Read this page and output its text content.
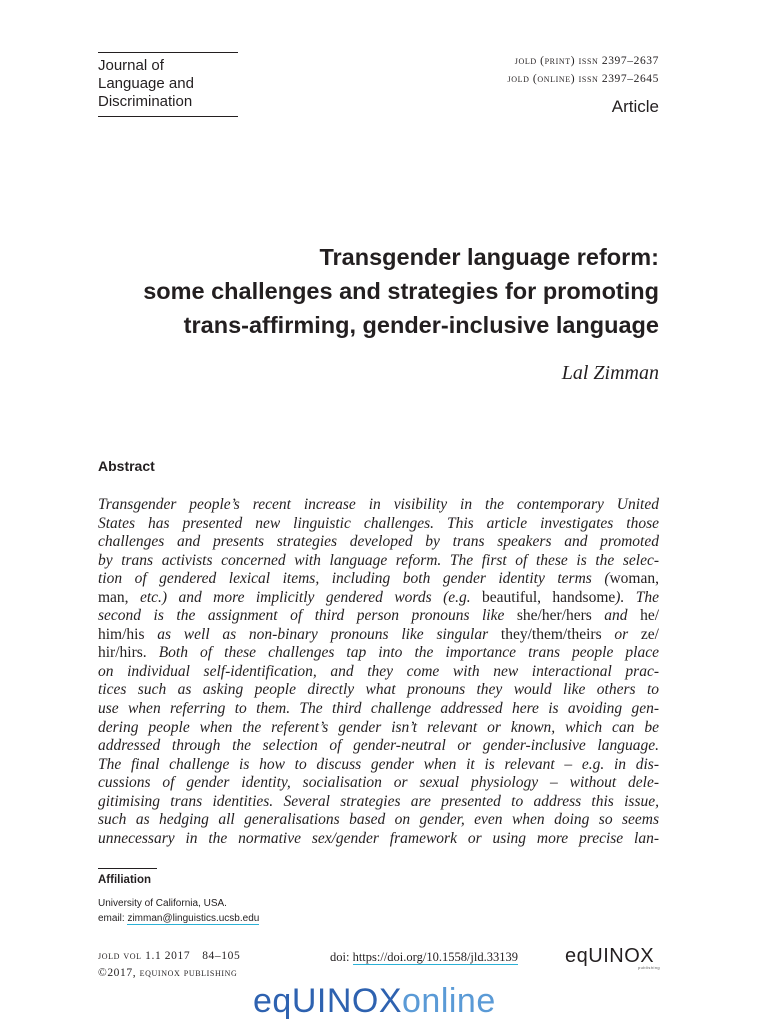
Journal of
Language and
Discrimination
jold (print) issn 2397–2637
jold (online) issn 2397–2645
Article
Transgender language reform:
some challenges and strategies for promoting
trans-affirming, gender-inclusive language
Lal Zimman
Abstract
Transgender people’s recent increase in visibility in the contemporary United
States has presented new linguistic challenges. This article investigates those
challenges and presents strategies developed by trans speakers and promoted
by trans activists concerned with language reform. The first of these is the selec-
tion of gendered lexical items, including both gender identity terms (woman,
man, etc.) and more implicitly gendered words (e.g. beautiful, handsome). The
second is the assignment of third person pronouns like she/her/hers and he/
him/his as well as non-binary pronouns like singular they/them/theirs or ze/
hir/hirs. Both of these challenges tap into the importance trans people place
on individual self-identification, and they come with new interactional prac-
tices such as asking people directly what pronouns they would like others to
use when referring to them. The third challenge addressed here is avoiding gen-
dering people when the referent’s gender isn’t relevant or known, which can be
addressed through the selection of gender-neutral or gender-inclusive language.
The final challenge is how to discuss gender when it is relevant – e.g. in dis-
cussions of gender identity, socialisation or sexual physiology – without dele-
gitimising trans identities. Several strategies are presented to address this issue,
such as hedging all generalisations based on gender, even when doing so seems
unnecessary in the normative sex/gender framework or using more precise lan-
Affiliation
University of California, USA.
email: zimman@linguistics.ucsb.edu
jold vol 1.1 2017 84–105
©2017, equinox publishing
doi: https://doi.org/10.1558/jld.33139 eqUINOX
publishing
eqUINOXonline
